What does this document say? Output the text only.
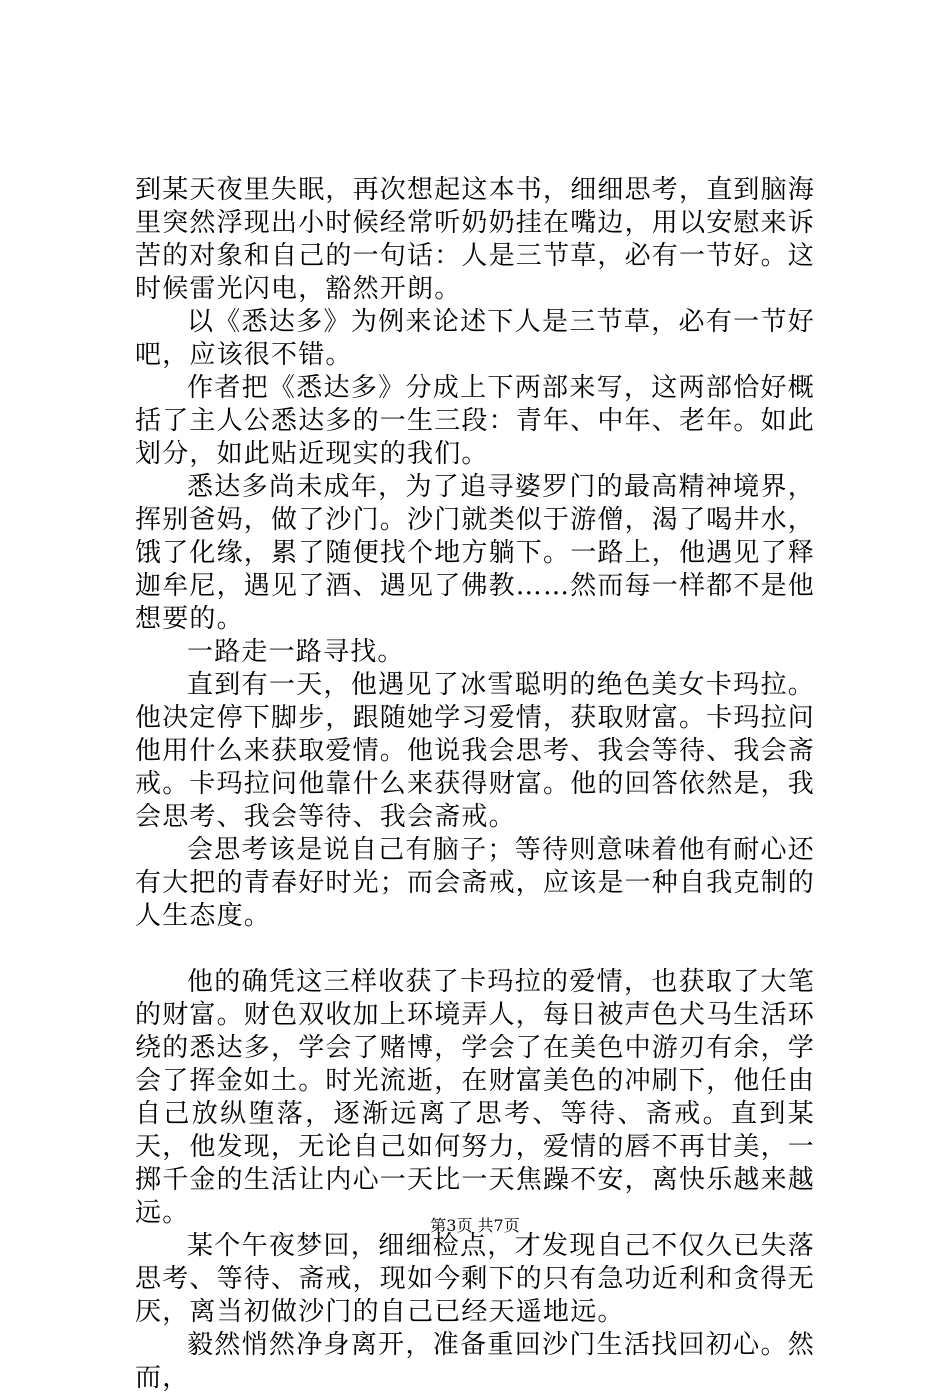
到某天夜里失眠，再次想起这本书，细细思考，直到脑海里突然浮现出小时候经常听奶奶挂在嘴边，用以安慰来诉苦的对象和自己的一句话：人是三节草，必有一节好。这时候雷光闪电，豁然开朗。

以《悉达多》为例来论述下人是三节草，必有一节好吧，应该很不错。

作者把《悉达多》分成上下两部来写，这两部恰好概括了主人公悉达多的一生三段：青年、中年、老年。如此划分，如此贴近现实的我们。

悉达多尚未成年，为了追寻婆罗门的最高精神境界，挥别爸妈，做了沙门。沙门就类似于游僧，渴了喝井水，饿了化缘，累了随便找个地方躺下。一路上，他遇见了释迦牟尼，遇见了酒、遇见了佛教……然而每一样都不是他想要的。

一路走一路寻找。

直到有一天，他遇见了冰雪聪明的绝色美女卡玛拉。他决定停下脚步，跟随她学习爱情，获取财富。卡玛拉问他用什么来获取爱情。他说我会思考、我会等待、我会斋戒。卡玛拉问他靠什么来获得财富。他的回答依然是，我会思考、我会等待、我会斋戒。

会思考该是说自己有脑子；等待则意味着他有耐心还有大把的青春好时光；而会斋戒，应该是一种自我克制的人生态度。

他的确凭这三样收获了卡玛拉的爱情，也获取了大笔的财富。财色双收加上环境弄人，每日被声色犬马生活环绕的悉达多，学会了赌博，学会了在美色中游刃有余，学会了挥金如土。时光流逝，在财富美色的冲刷下，他任由自己放纵堕落，逐渐远离了思考、等待、斋戒。直到某天，他发现，无论自己如何努力，爱情的唇不再甘美，一掷千金的生活让内心一天比一天焦躁不安，离快乐越来越远。

某个午夜梦回，细细检点，才发现自己不仅久已失落思考、等待、斋戒，现如今剩下的只有急功近利和贪得无厌，离当初做沙门的自己已经天遥地远。

毅然悄然净身离开，准备重回沙门生活找回初心。然而，

第3页 共7页
